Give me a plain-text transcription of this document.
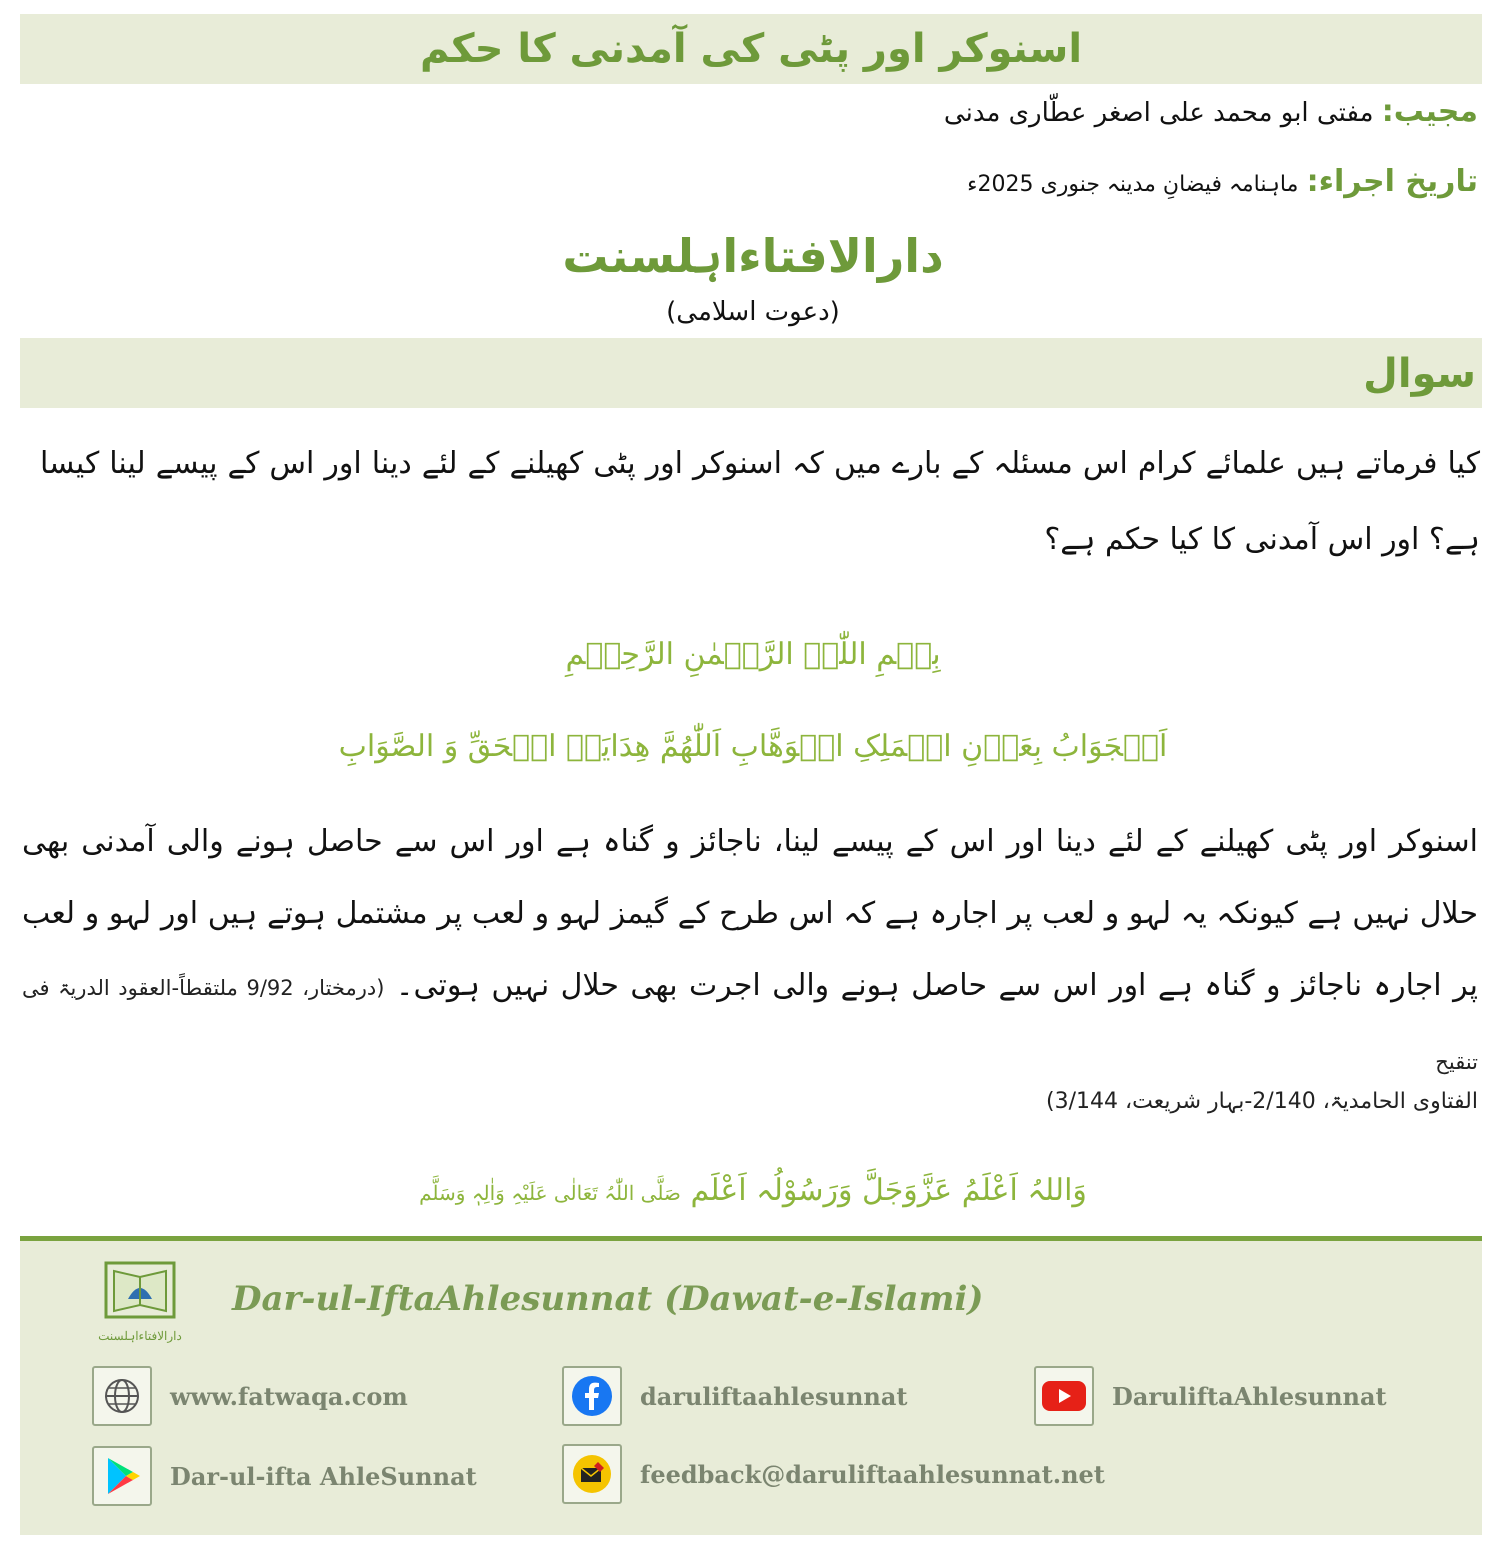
اسنوکر اور پٹی کی آمدنی کا حکم
مجیب: مفتی ابو محمد علی اصغر عطّاری مدنی
تاریخ اجراء: ماہنامہ فیضانِ مدینہ جنوری 2025ء
دارالافتاءاہلسنت
(دعوت اسلامی)
سوال
کیا فرماتے ہیں علمائے کرام اس مسئلہ کے بارے میں کہ اسنوکر اور پٹی کھیلنے کے لئے دینا اور اس کے پیسے لینا کیسا ہے؟ اور اس آمدنی کا کیا حکم ہے؟
بِسۡمِ اللّٰہِ الرَّحۡمٰنِ الرَّحِیۡمِ
اَلۡجَوَابُ بِعَوۡنِ الۡمَلِکِ الۡوَھَّابِ اَللّٰھُمَّ ھِدَایَۃَ الۡحَقِّ وَ الصَّوَابِ
اسنوکر اور پٹی کھیلنے کے لئے دینا اور اس کے پیسے لینا، ناجائز و گناہ ہے اور اس سے حاصل ہونے والی آمدنی بھی حلال نہیں ہے کیونکہ یہ لہو و لعب پر اجارہ ہے کہ اس طرح کے گیمز لہو و لعب پر مشتمل ہوتے ہیں اور لہو و لعب پر اجارہ ناجائز و گناہ ہے اور اس سے حاصل ہونے والی اجرت بھی حلال نہیں ہوتی۔ (درمختار، 9/92 ملتقطاً-العقود الدریۃ فی تنقیح
الفتاوی الحامدیۃ، 2/140-بہار شریعت، 3/144)
وَاللہُ اَعْلَمُ عَزَّوَجَلَّ وَرَسُوْلُہ اَعْلَم صَلَّی اللّٰہُ تَعَالٰی عَلَیْہِ وَاٰلِہٖ وَسَلَّم
دارالافتاءاہلسنت
Dar-ul-IftaAhlesunnat (Dawat-e-Islami)
www.fatwaqa.com	daruliftaahlesunnat	DaruliftaAhlesunnat
Dar-ul-ifta AhleSunnat	feedback@daruliftaahlesunnat.net
